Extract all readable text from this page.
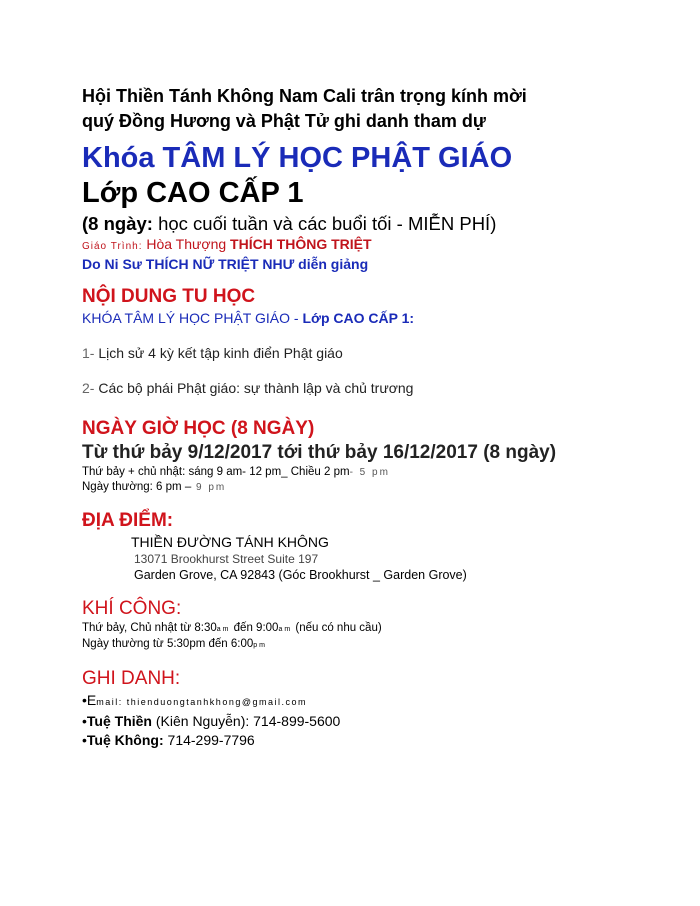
Hội Thiền Tánh Không Nam Cali trân trọng kính mời

quý Đồng Hương và Phật Tử ghi danh tham dự

Khóa TÂM LÝ HỌC PHẬT GIÁO

Lớp CAO CẤP 1

(8 ngày: học cuối tuần và các buổi tối - MIỄN PHÍ)

Giáo Trình: Hòa Thượng THÍCH THÔNG TRIỆT

Do Ni Sư THÍCH NỮ TRIỆT NHƯ diễn giảng

NỘI DUNG TU HỌC

KHÓA TÂM LÝ HỌC PHẬT GIÁO - Lớp CAO CẤP 1:

1- Lịch sử 4 kỳ kết tập kinh điển Phật giáo

2- Các bộ phái Phật giáo: sự thành lập và chủ trương

NGÀY GIỜ HỌC (8 NGÀY)

Từ thứ bảy 9/12/2017 tới thứ bảy 16/12/2017 (8 ngày)

Thứ bảy + chủ nhật: sáng 9 am- 12 pm_ Chiều 2 pm- 5 pm

Ngày thường: 6 pm – 9 pm

ĐỊA ĐIỂM:

THIỀN ĐƯỜNG TÁNH KHÔNG

13071 Brookhurst Street Suite 197

Garden Grove, CA 92843 (Góc Brookhurst _ Garden Grove)

KHÍ CÔNG:

Thứ bảy, Chủ nhật từ 8:30am đến 9:00am (nếu có nhu cầu)

Ngày thường từ 5:30pm đến 6:00pm

GHI DANH:

•Email: thienduongtanhkhong@gmail.com

•Tuệ Thiền (Kiên Nguyễn): 714-899-5600

•Tuệ Không: 714-299-7796
